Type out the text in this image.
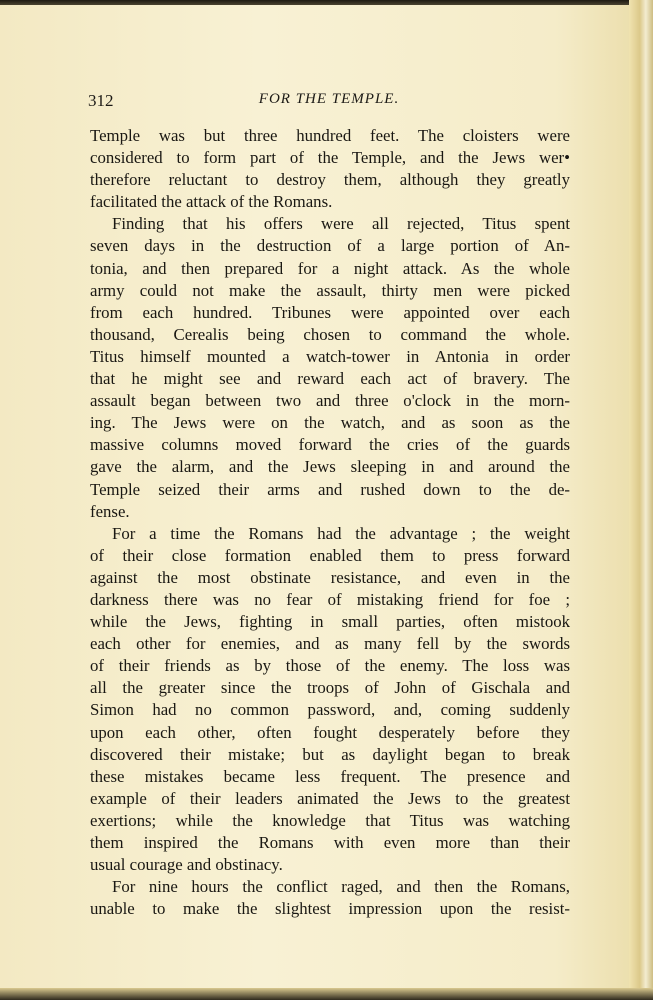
312	FOR THE TEMPLE.
Temple was but three hundred feet. The cloisters were
considered to form part of the Temple, and the Jews wer•
therefore reluctant to destroy them, although they greatly
facilitated the attack of the Romans.
Finding that his offers were all rejected, Titus spent
seven days in the destruction of a large portion of An-
tonia, and then prepared for a night attack. As the whole
army could not make the assault, thirty men were picked
from each hundred. Tribunes were appointed over each
thousand, Cerealis being chosen to command the whole.
Titus himself mounted a watch-tower in Antonia in order
that he might see and reward each act of bravery. The
assault began between two and three o'clock in the morn-
ing. The Jews were on the watch, and as soon as the
massive columns moved forward the cries of the guards
gave the alarm, and the Jews sleeping in and around the
Temple seized their arms and rushed down to the de-
fense.
For a time the Romans had the advantage ; the weight
of their close formation enabled them to press forward
against the most obstinate resistance, and even in the
darkness there was no fear of mistaking friend for foe ;
while the Jews, fighting in small parties, often mistook
each other for enemies, and as many fell by the swords
of their friends as by those of the enemy. The loss was
all the greater since the troops of John of Gischala and
Simon had no common password, and, coming suddenly
upon each other, often fought desperately before they
discovered their mistake; but as daylight began to break
these mistakes became less frequent. The presence and
example of their leaders animated the Jews to the greatest
exertions; while the knowledge that Titus was watching
them inspired the Romans with even more than their
usual courage and obstinacy.
For nine hours the conflict raged, and then the Romans,
unable to make the slightest impression upon the resist-
